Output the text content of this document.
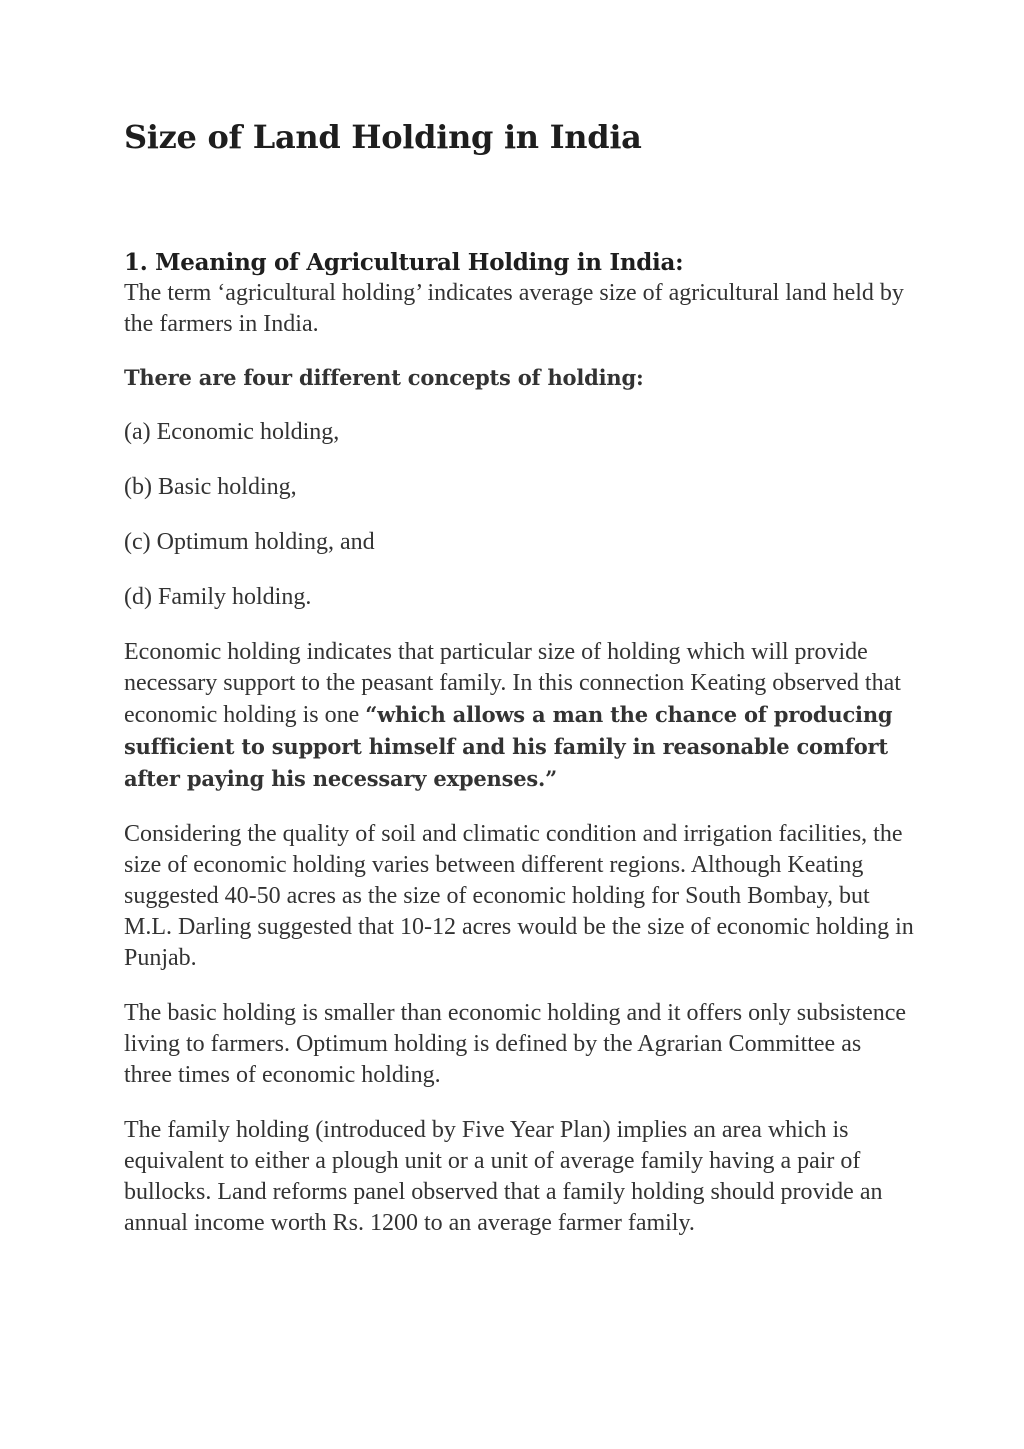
Size of Land Holding in India
1. Meaning of Agricultural Holding in India:

The term ‘agricultural holding’ indicates average size of agricultural land held by the farmers in India.

There are four different concepts of holding:

(a) Economic holding,

(b) Basic holding,

(c) Optimum holding, and

(d) Family holding.

Economic holding indicates that particular size of holding which will provide necessary support to the peasant family. In this connection Keating observed that economic holding is one “which allows a man the chance of producing sufficient to support himself and his family in reasonable comfort after paying his necessary expenses.”

Considering the quality of soil and climatic condition and irrigation facilities, the size of economic holding varies between different regions. Although Keating suggested 40-50 acres as the size of economic holding for South Bombay, but M.L. Darling suggested that 10-12 acres would be the size of economic holding in Punjab.

The basic holding is smaller than economic holding and it offers only subsistence living to farmers. Optimum holding is defined by the Agrarian Committee as three times of economic holding.

The family holding (introduced by Five Year Plan) implies an area which is equivalent to either a plough unit or a unit of average family having a pair of bullocks. Land reforms panel observed that a family holding should provide an annual income worth Rs. 1200 to an average farmer family.
